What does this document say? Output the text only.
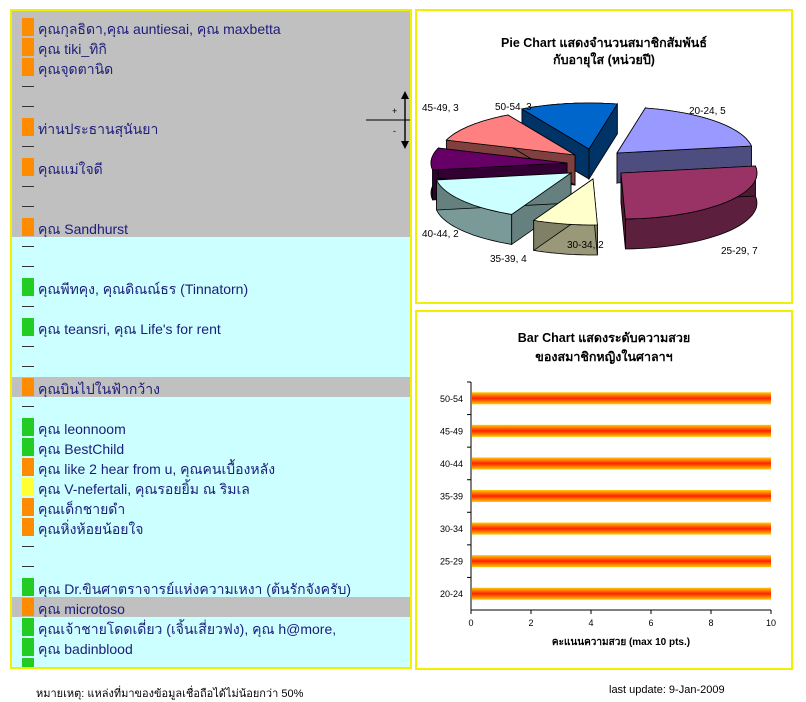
คุณกุลธิดา,คุณ auntiesai, คุณ maxbetta
คุณ tiki_ทิกิ
คุณจุดตานิด
ท่านประธานสุนันยา
คุณแม่ใจดี
คุณ Sandhurst
คุณพีทคุง, คุณดิณณ์ธร (Tinnatorn)
คุณ teansri, คุณ Life's for rent
คุณบินไปในฟ้ากว้าง
คุณ leonnoom
คุณ BestChild
คุณ like 2 hear from u, คุณคนเบื้องหลัง
คุณ V-nefertali, คุณรอยยิ้ม ณ ริมเล
คุณเด็กชายดำ
คุณหิ่งห้อยน้อยใจ
คุณ Dr.ขินศาตราจารย์แห่งความเหงา (ต้นรักจังครับ)
คุณ microtoso
คุณเจ้าชายโดดเดี่ยว (เจิ้นเสี่ยวฟง), คุณ h@more,
คุณ badinblood
+
-
Pie Chart แสดงจำนวนสมาชิกสัมพันธ์
กับอายุใส (หน่วยปี)
20-24, 5
25-29, 7
30-34, 2
35-39, 4
40-44, 2
45-49, 3	50-54, 3
Bar Chart แสดงระดับความสวย
ของสมาชิกหญิงในศาลาฯ
50-54
45-49
40-44
35-39
30-34
25-29
20-24
0	2	4	6	8	10
คะแนนความสวย (max 10 pts.)
หมายเหตุ: แหล่งที่มาของข้อมูลเชื่อถือได้ไม่น้อยกว่า 50%	last update: 9-Jan-2009
